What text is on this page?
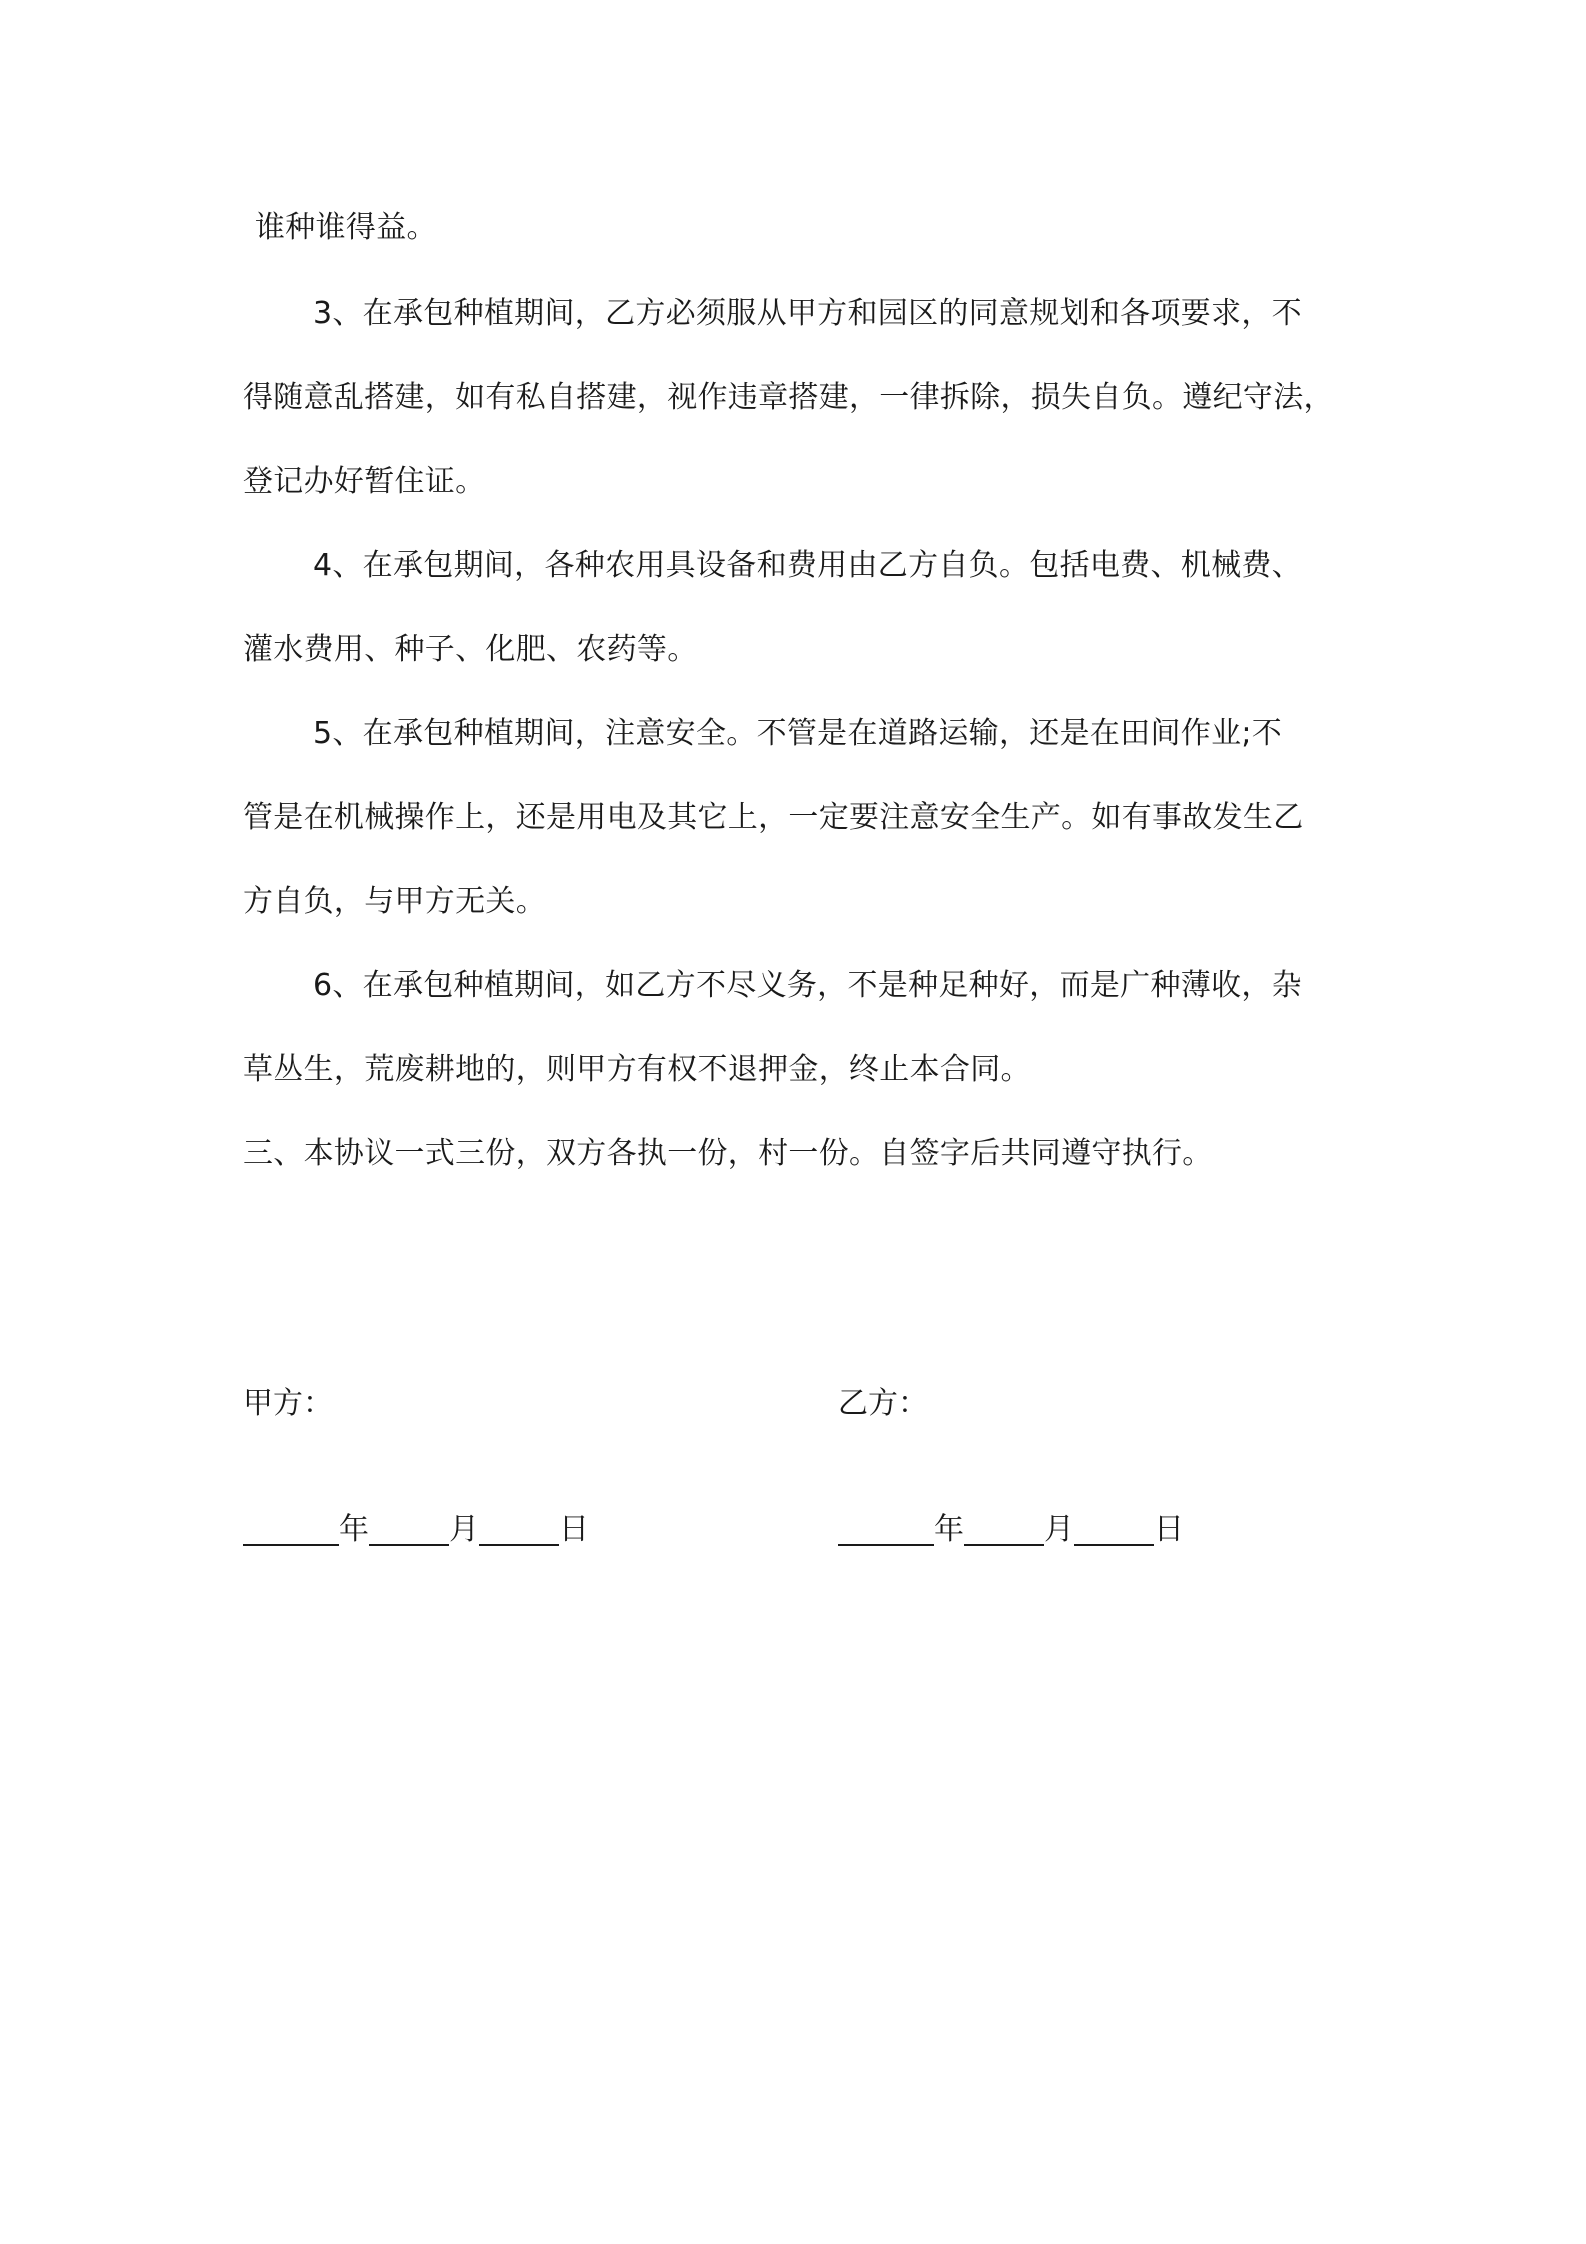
谁种谁得益。
3、在承包种植期间，乙方必须服从甲方和园区的同意规划和各项要求，不
得随意乱搭建，如有私自搭建，视作违章搭建，一律拆除，损失自负。遵纪守法，
登记办好暂住证。
4、在承包期间，各种农用具设备和费用由乙方自负。包括电费、机械费、
灌水费用、种子、化肥、农药等。
5、在承包种植期间，注意安全。不管是在道路运输，还是在田间作业;不
管是在机械操作上，还是用电及其它上，一定要注意安全生产。如有事故发生乙
方自负，与甲方无关。
6、在承包种植期间，如乙方不尽义务，不是种足种好，而是广种薄收，杂
草丛生，荒废耕地的，则甲方有权不退押金，终止本合同。
三、本协议一式三份，双方各执一份，村一份。自签字后共同遵守执行。
甲方：	乙方：
年	月	日	年	月	日
